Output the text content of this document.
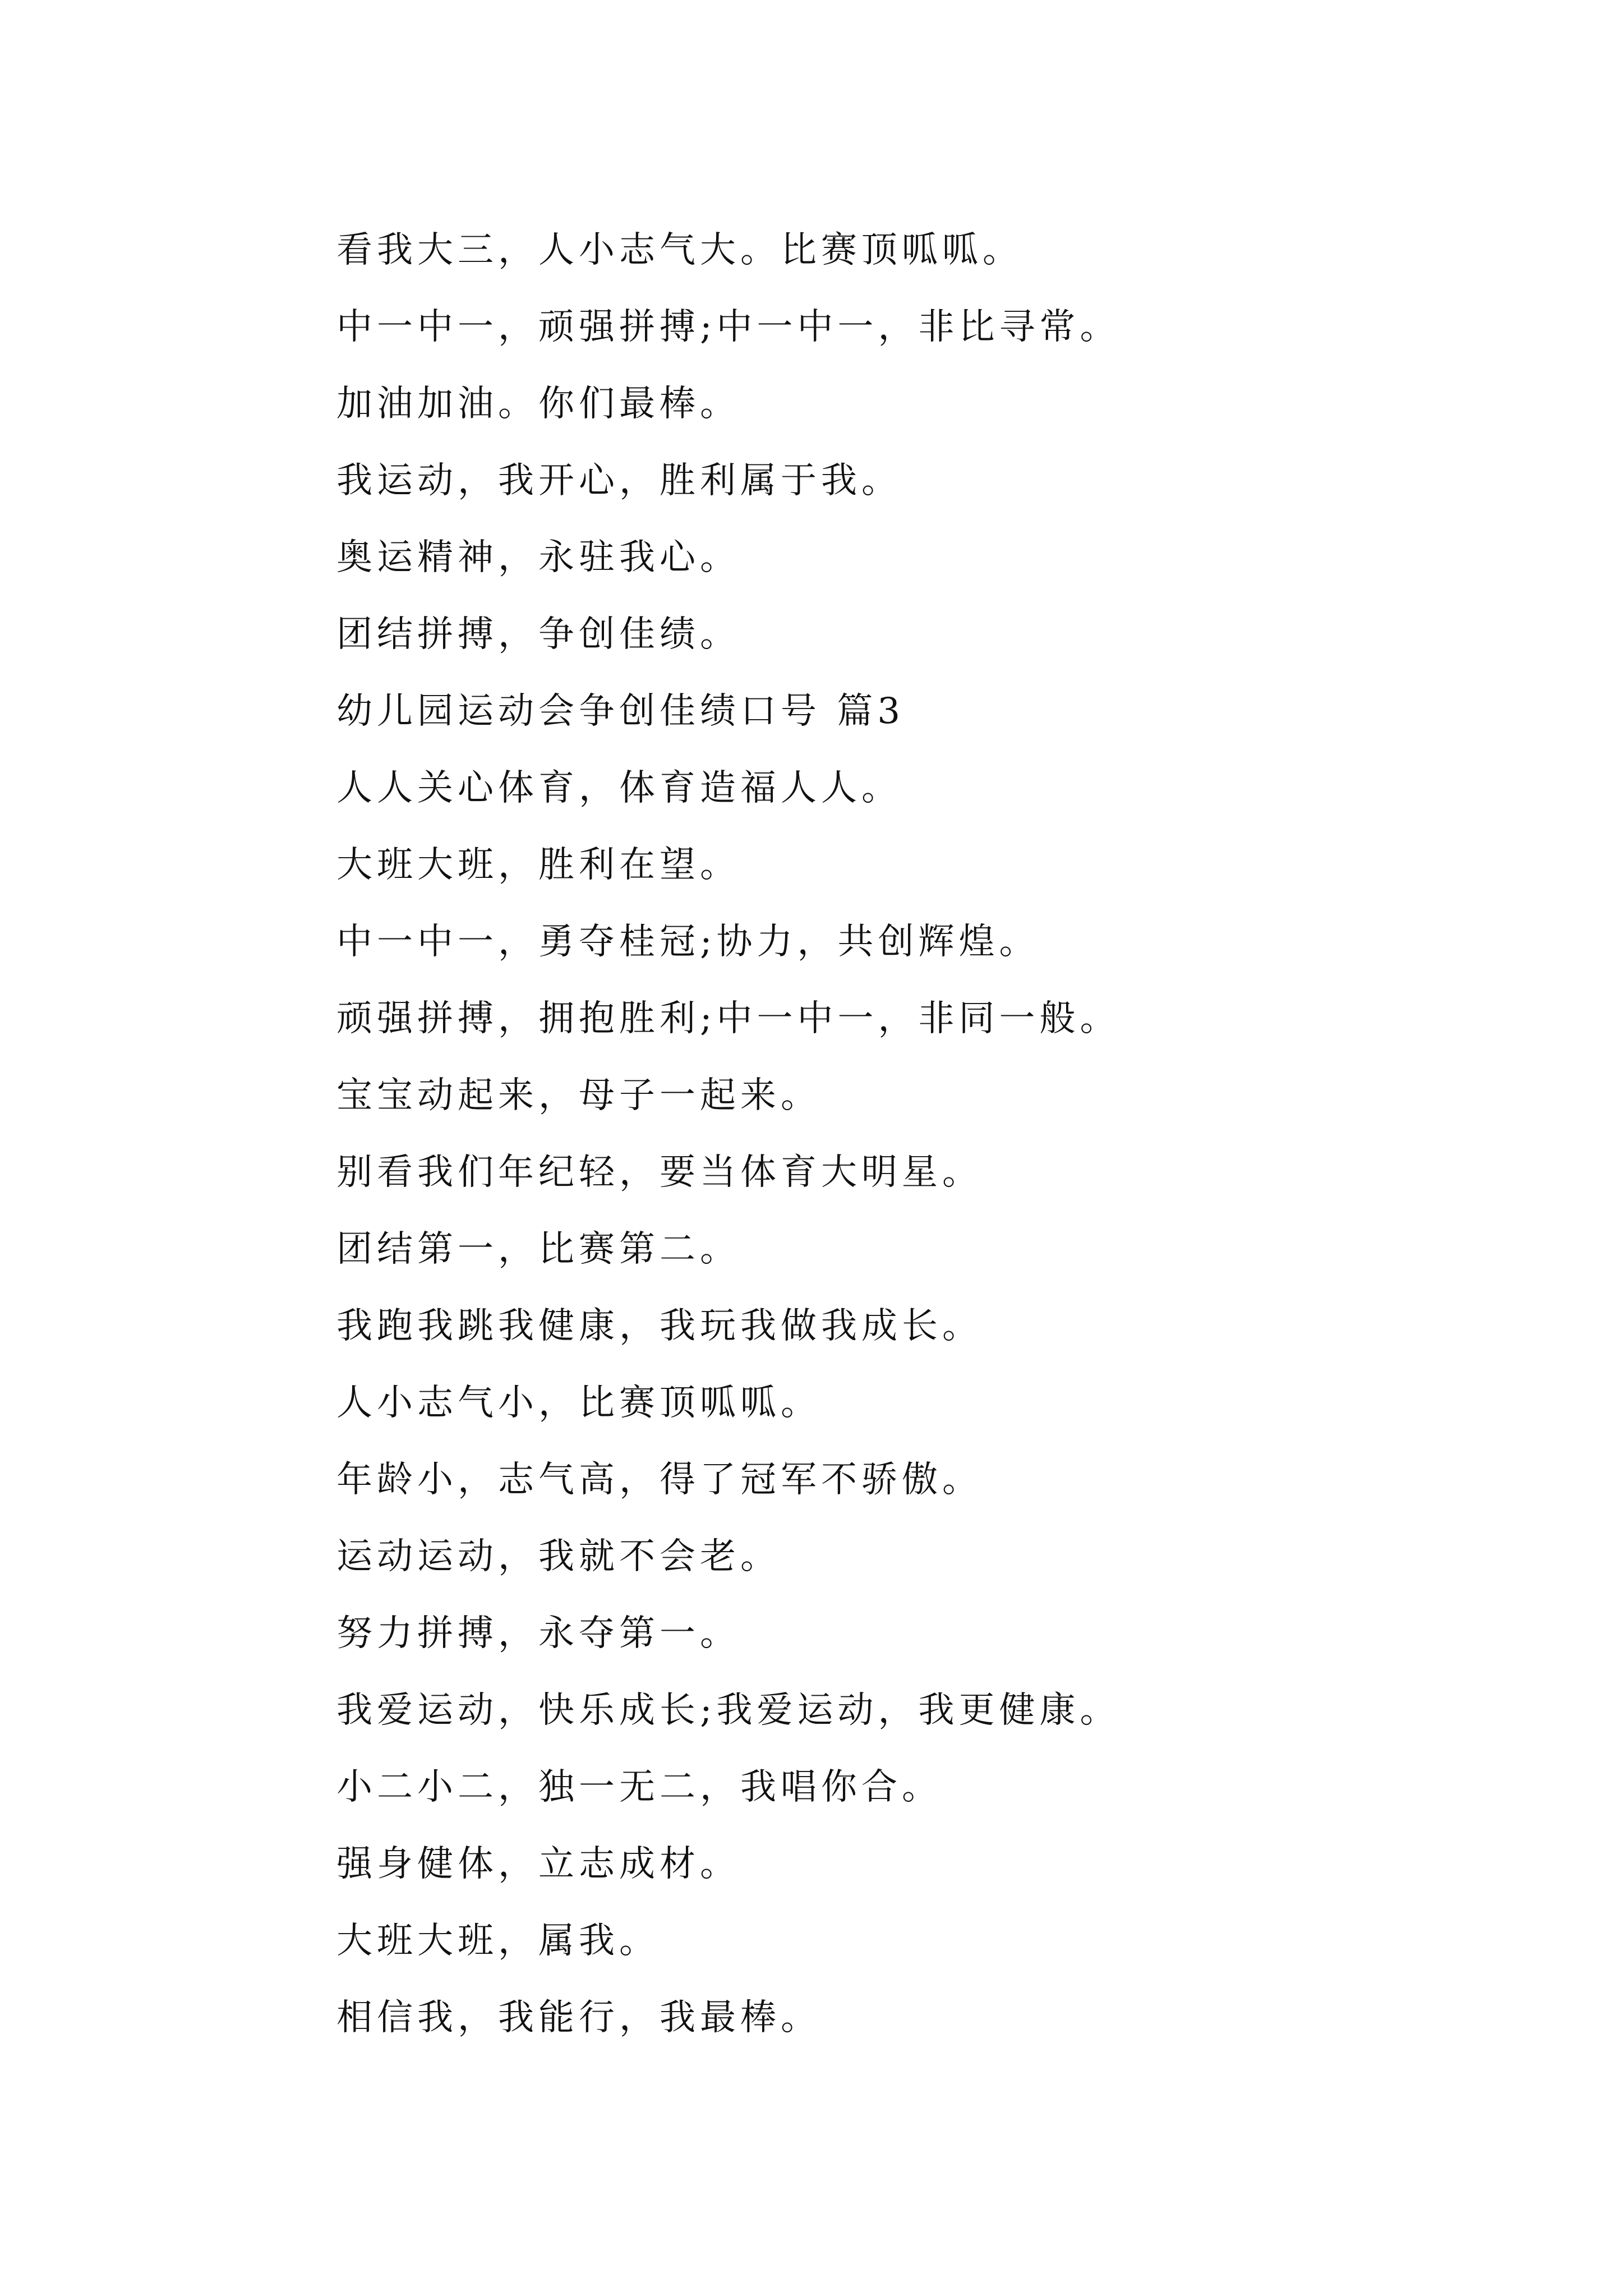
看我大三，人小志气大。比赛顶呱呱。
中一中一，顽强拼搏;中一中一，非比寻常。
加油加油。你们最棒。
我运动，我开心，胜利属于我。
奥运精神，永驻我心。
团结拼搏，争创佳绩。
幼儿园运动会争创佳绩口号 篇3
人人关心体育，体育造福人人。
大班大班，胜利在望。
中一中一，勇夺桂冠;协力，共创辉煌。
顽强拼搏，拥抱胜利;中一中一，非同一般。
宝宝动起来，母子一起来。
别看我们年纪轻，要当体育大明星。
团结第一，比赛第二。
我跑我跳我健康，我玩我做我成长。
人小志气小，比赛顶呱呱。
年龄小，志气高，得了冠军不骄傲。
运动运动，我就不会老。
努力拼搏，永夺第一。
我爱运动，快乐成长;我爱运动，我更健康。
小二小二，独一无二，我唱你合。
强身健体，立志成材。
大班大班，属我。
相信我，我能行，我最棒。
